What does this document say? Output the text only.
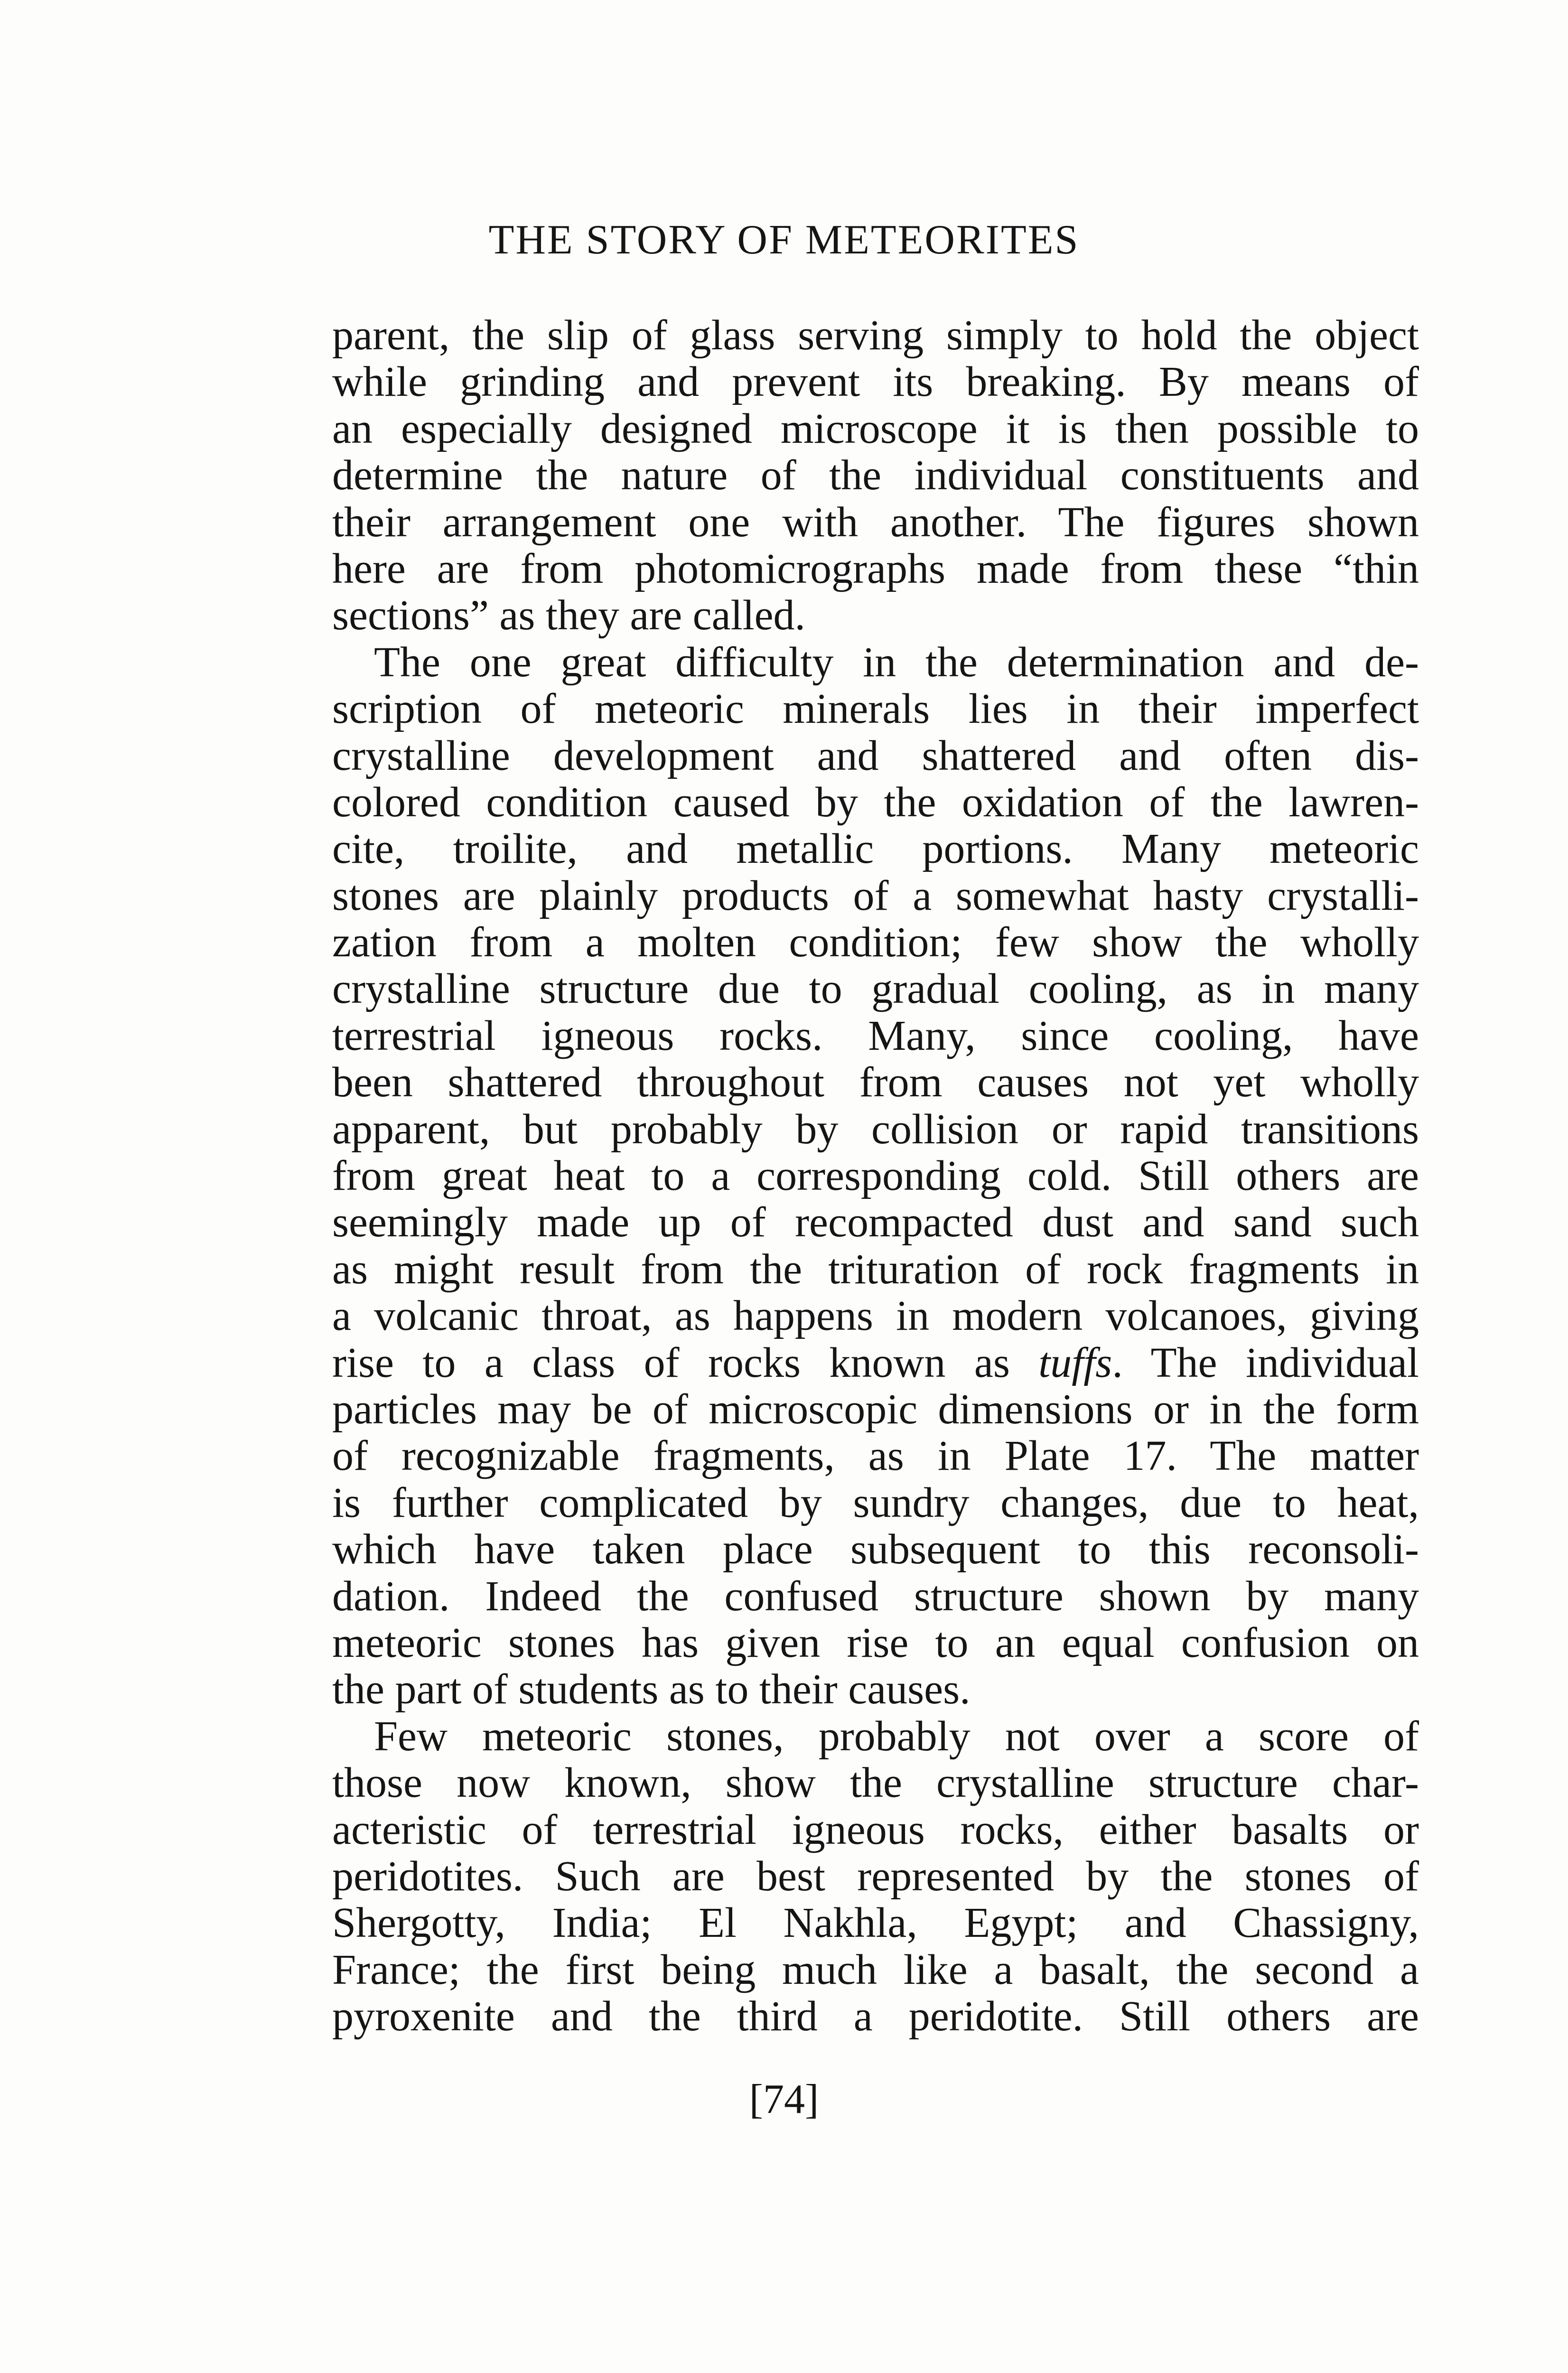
THE STORY OF METEORITES
parent, the slip of glass serving simply to hold the object
while grinding and prevent its breaking. By means of
an especially designed microscope it is then possible to
determine the nature of the individual constituents and
their arrangement one with another. The figures shown
here are from photomicrographs made from these “thin
sections” as they are called.
The one great difficulty in the determination and de-
scription of meteoric minerals lies in their imperfect
crystalline development and shattered and often dis-
colored condition caused by the oxidation of the lawren-
cite, troilite, and metallic portions. Many meteoric
stones are plainly products of a somewhat hasty crystalli-
zation from a molten condition; few show the wholly
crystalline structure due to gradual cooling, as in many
terrestrial igneous rocks. Many, since cooling, have
been shattered throughout from causes not yet wholly
apparent, but probably by collision or rapid transitions
from great heat to a corresponding cold. Still others are
seemingly made up of recompacted dust and sand such
as might result from the trituration of rock fragments in
a volcanic throat, as happens in modern volcanoes, giving
rise to a class of rocks known as tuffs. The individual
particles may be of microscopic dimensions or in the form
of recognizable fragments, as in Plate 17. The matter
is further complicated by sundry changes, due to heat,
which have taken place subsequent to this reconsoli-
dation. Indeed the confused structure shown by many
meteoric stones has given rise to an equal confusion on
the part of students as to their causes.
Few meteoric stones, probably not over a score of
those now known, show the crystalline structure char-
acteristic of terrestrial igneous rocks, either basalts or
peridotites. Such are best represented by the stones of
Shergotty, India; El Nakhla, Egypt; and Chassigny,
France; the first being much like a basalt, the second a
pyroxenite and the third a peridotite. Still others are
[74]
